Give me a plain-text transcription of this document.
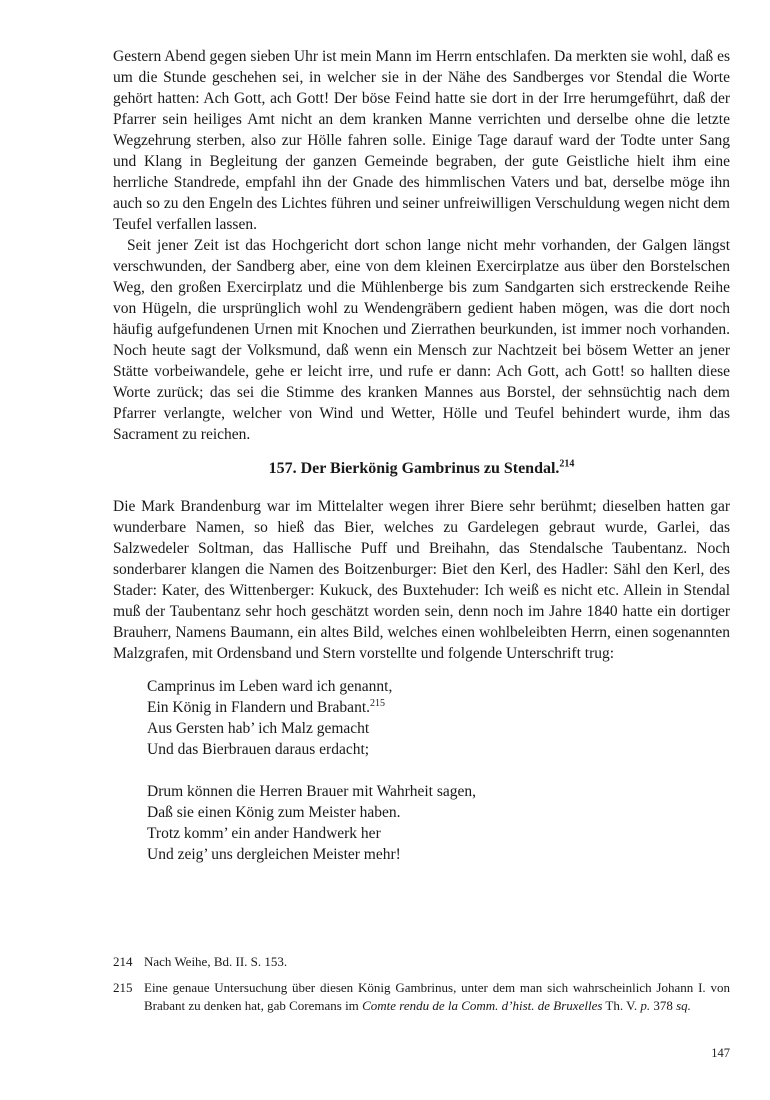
Gestern Abend gegen sieben Uhr ist mein Mann im Herrn entschlafen. Da merkten sie wohl, daß es um die Stunde geschehen sei, in welcher sie in der Nähe des Sandberges vor Stendal die Worte gehört hatten: Ach Gott, ach Gott! Der böse Feind hatte sie dort in der Irre herumgeführt, daß der Pfarrer sein heiliges Amt nicht an dem kranken Manne verrichten und derselbe ohne die letzte Wegzehrung sterben, also zur Hölle fahren solle. Einige Tage darauf ward der Todte unter Sang und Klang in Begleitung der ganzen Gemeinde begraben, der gute Geistliche hielt ihm eine herrliche Standrede, empfahl ihn der Gnade des himmlischen Vaters und bat, derselbe möge ihn auch so zu den Engeln des Lichtes führen und seiner unfreiwilligen Verschuldung wegen nicht dem Teufel verfallen lassen.

Seit jener Zeit ist das Hochgericht dort schon lange nicht mehr vorhanden, der Galgen längst verschwunden, der Sandberg aber, eine von dem kleinen Exercirplatze aus über den Borstelschen Weg, den großen Exercirplatz und die Mühlenberge bis zum Sandgarten sich erstreckende Reihe von Hügeln, die ursprünglich wohl zu Wendengräbern gedient haben mögen, was die dort noch häufig aufgefundenen Urnen mit Knochen und Zierrathen beurkunden, ist immer noch vorhanden. Noch heute sagt der Volksmund, daß wenn ein Mensch zur Nachtzeit bei bösem Wetter an jener Stätte vorbeiwandele, gehe er leicht irre, und rufe er dann: Ach Gott, ach Gott! so hallten diese Worte zurück; das sei die Stimme des kranken Mannes aus Borstel, der sehnsüchtig nach dem Pfarrer verlangte, welcher von Wind und Wetter, Hölle und Teufel behindert wurde, ihm das Sacrament zu reichen.

157. Der Bierkönig Gambrinus zu Stendal.$^{214}$

Die Mark Brandenburg war im Mittelalter wegen ihrer Biere sehr berühmt; dieselben hatten gar wunderbare Namen, so hieß das Bier, welches zu Gardelegen gebraut wurde, Garlei, das Salzwedeler Soltman, das Hallische Puff und Breihahn, das Stendalsche Taubentanz. Noch sonderbarer klangen die Namen des Boitzenburger: Biet den Kerl, des Hadler: Sähl den Kerl, des Stader: Kater, des Wittenberger: Kukuck, des Buxtehuder: Ich weiß es nicht etc. Allein in Stendal muß der Taubentanz sehr hoch geschätzt worden sein, denn noch im Jahre 1840 hatte ein dortiger Brauherr, Namens Baumann, ein altes Bild, welches einen wohlbeleibten Herrn, einen sogenannten Malzgrafen, mit Ordensband und Stern vorstellte und folgende Unterschrift trug:

Camprinus im Leben ward ich genannt,
Ein König in Flandern und Brabant.$^{215}$
Aus Gersten hab’ ich Malz gemacht
Und das Bierbrauen daraus erdacht;
Drum können die Herren Brauer mit Wahrheit sagen,
Daß sie einen König zum Meister haben.
Trotz komm’ ein ander Handwerk her
Und zeig’ uns dergleichen Meister mehr!
214 Nach Weihe, Bd. II. S. 153.
215 Eine genaue Untersuchung über diesen König Gambrinus, unter dem man sich wahrscheinlich Johann I. von Brabant zu denken hat, gab Coremans im Comte rendu de la Comm. d’hist. de Bruxelles Th. V. p. 378 sq.
147
